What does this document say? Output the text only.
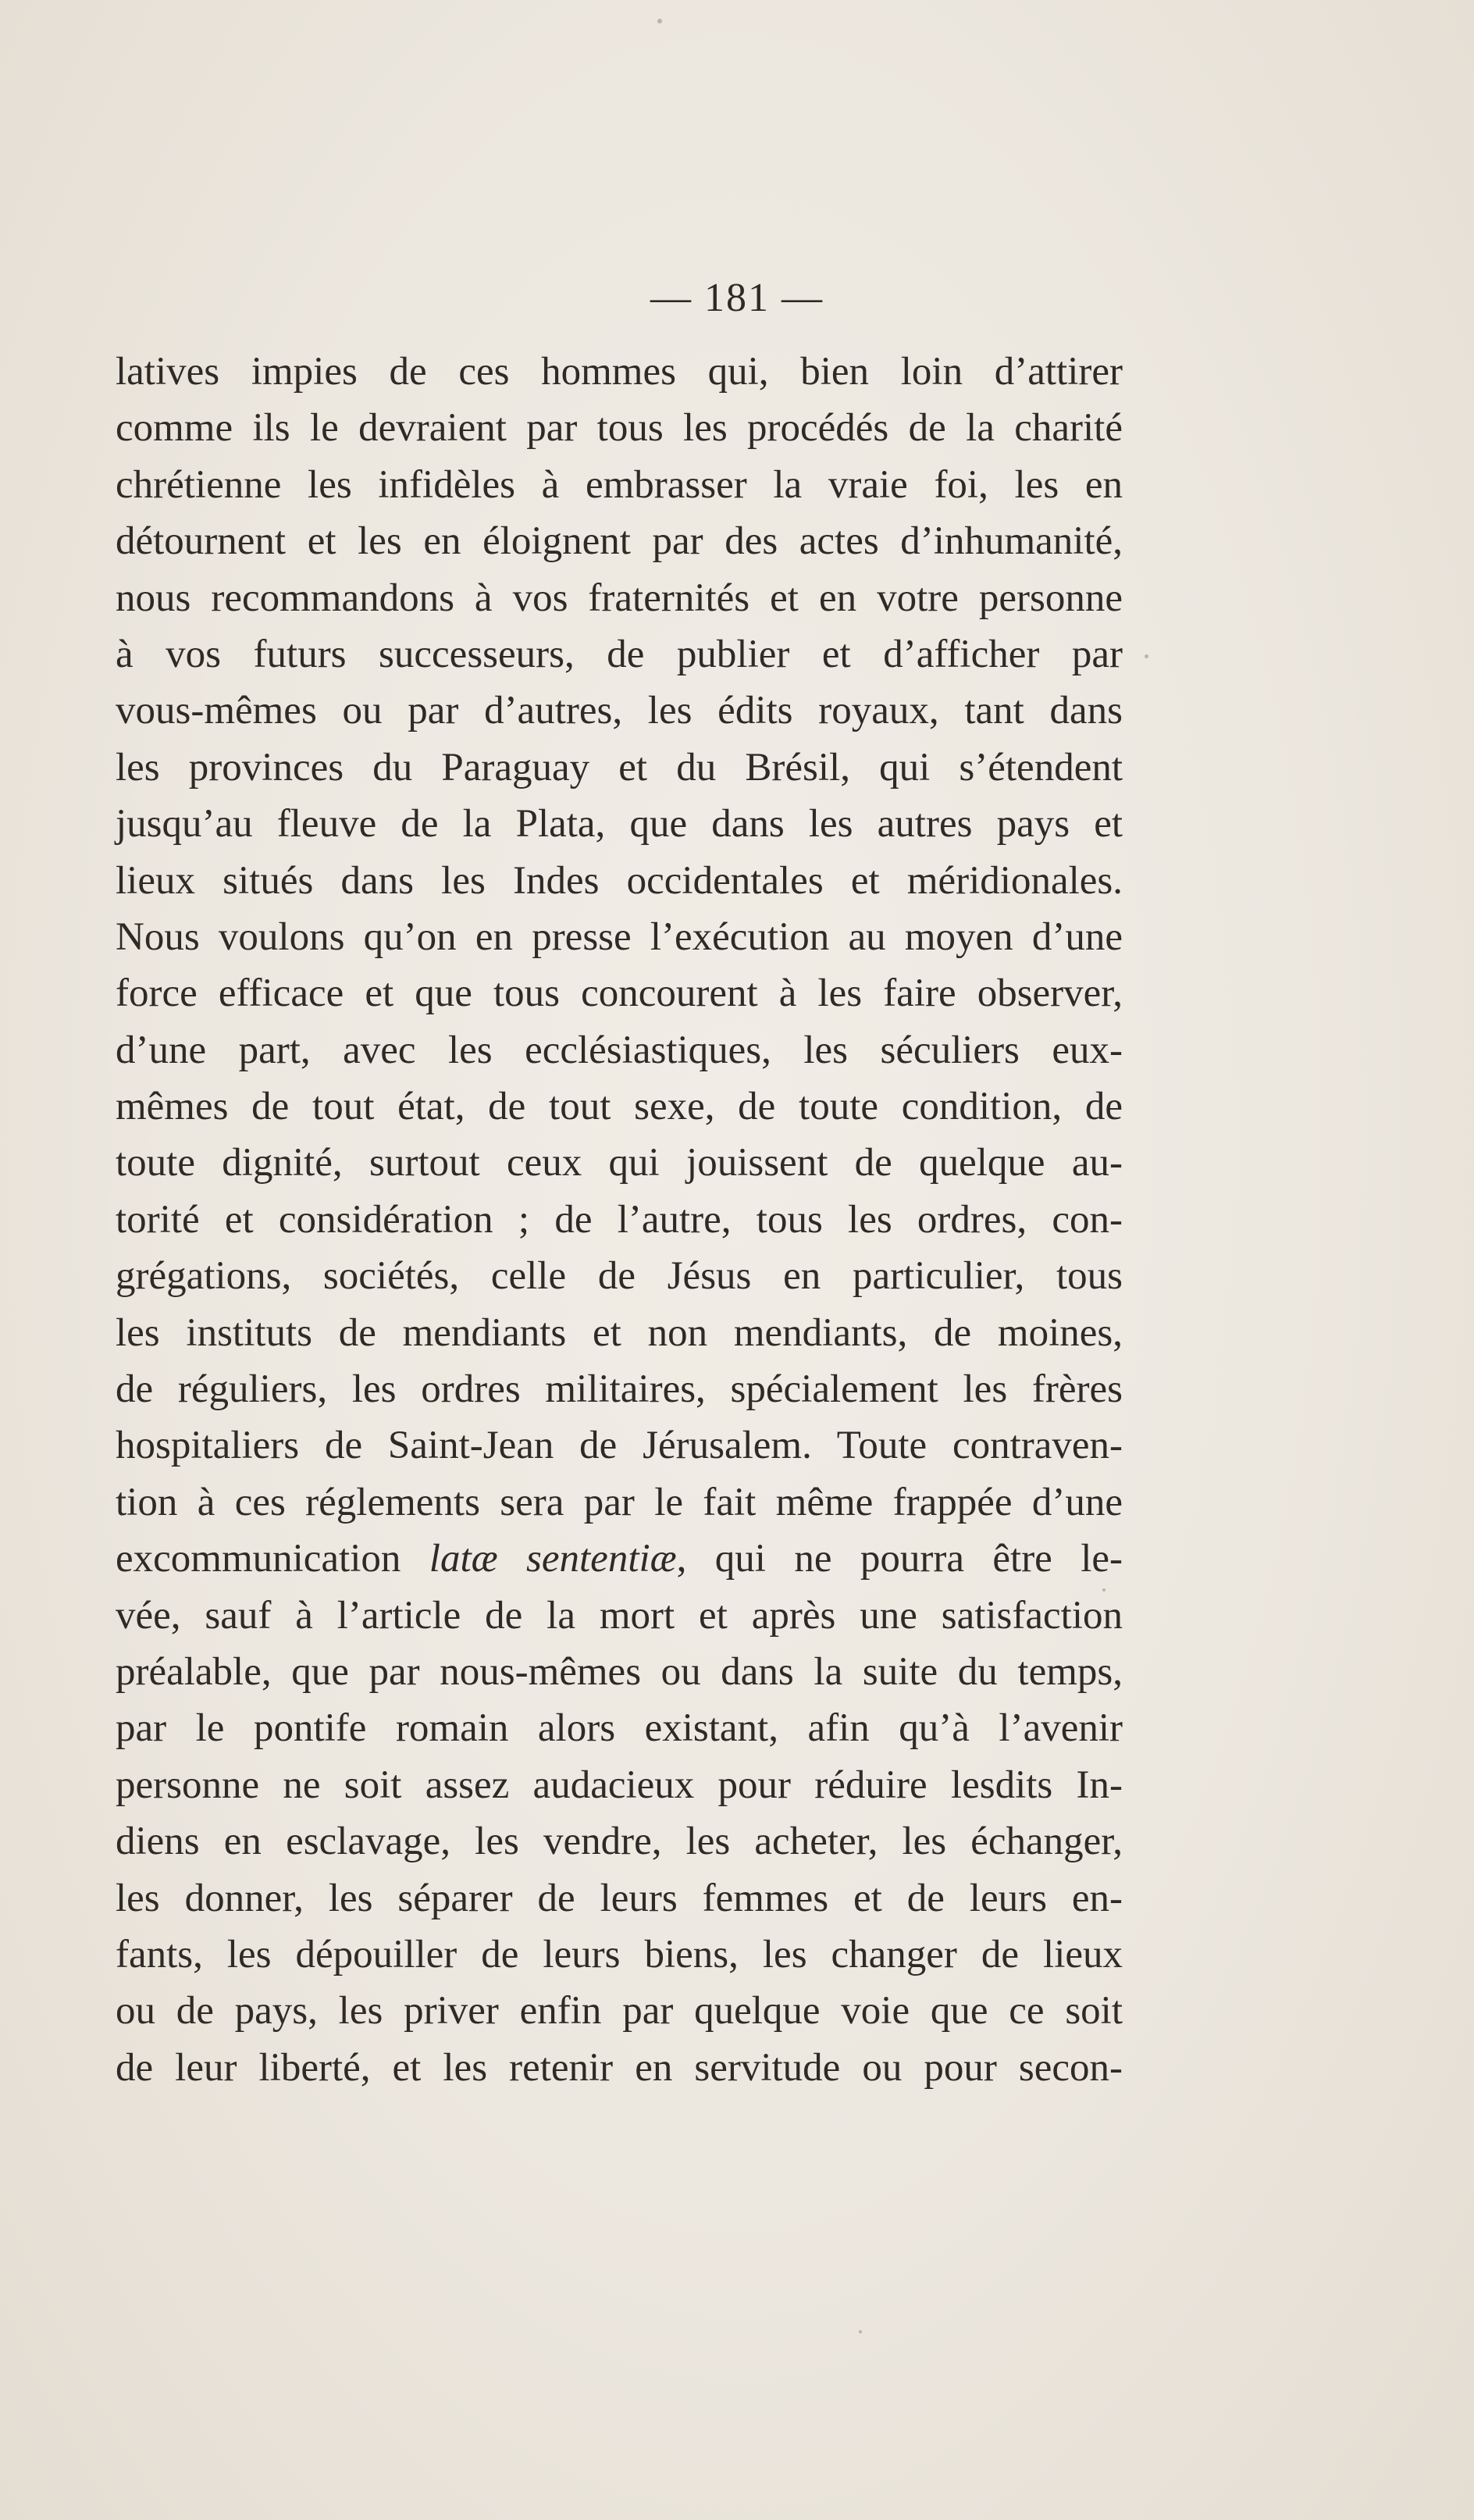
— 181 —
latives impies de ces hommes qui, bien loin d’attirer
comme ils le devraient par tous les procédés de la charité
chrétienne les infidèles à embrasser la vraie foi, les en
détournent et les en éloignent par des actes d’inhumanité,
nous recommandons à vos fraternités et en votre personne
à vos futurs successeurs, de publier et d’afficher par
vous-mêmes ou par d’autres, les édits royaux, tant dans
les provinces du Paraguay et du Brésil, qui s’étendent
jusqu’au fleuve de la Plata, que dans les autres pays et
lieux situés dans les Indes occidentales et méridionales.
Nous voulons qu’on en presse l’exécution au moyen d’une
force efficace et que tous concourent à les faire observer,
d’une part, avec les ecclésiastiques, les séculiers eux-
mêmes de tout état, de tout sexe, de toute condition, de
toute dignité, surtout ceux qui jouissent de quelque au-
torité et considération ; de l’autre, tous les ordres, con-
grégations, sociétés, celle de Jésus en particulier, tous
les instituts de mendiants et non mendiants, de moines,
de réguliers, les ordres militaires, spécialement les frères
hospitaliers de Saint-Jean de Jérusalem. Toute contraven-
tion à ces réglements sera par le fait même frappée d’une
excommunication latæ sententiæ, qui ne pourra être le-
vée, sauf à l’article de la mort et après une satisfaction
préalable, que par nous-mêmes ou dans la suite du temps,
par le pontife romain alors existant, afin qu’à l’avenir
personne ne soit assez audacieux pour réduire lesdits In-
diens en esclavage, les vendre, les acheter, les échanger,
les donner, les séparer de leurs femmes et de leurs en-
fants, les dépouiller de leurs biens, les changer de lieux
ou de pays, les priver enfin par quelque voie que ce soit
de leur liberté, et les retenir en servitude ou pour secon-
